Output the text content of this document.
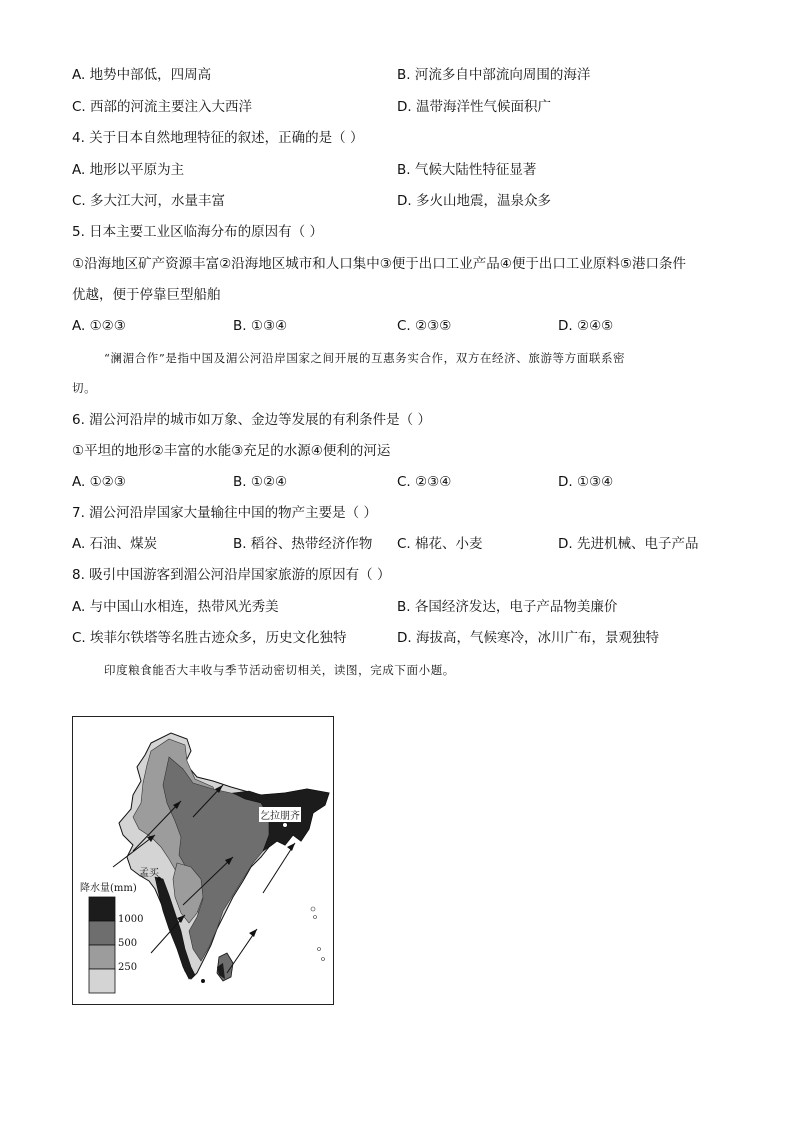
A. 地势中部低，四周高	B. 河流多自中部流向周围的海洋
C. 西部的河流主要注入大西洋	D. 温带海洋性气候面积广
4. 关于日本自然地理特征的叙述，正确的是（ ）
A. 地形以平原为主	B. 气候大陆性特征显著
C. 多大江大河，水量丰富	D. 多火山地震，温泉众多
5. 日本主要工业区临海分布的原因有（ ）
①沿海地区矿产资源丰富②沿海地区城市和人口集中③便于出口工业产品④便于出口工业原料⑤港口条件
优越，便于停靠巨型船舶
A. ①②③	B. ①③④	C. ②③⑤	D. ②④⑤
“澜湄合作”是指中国及湄公河沿岸国家之间开展的互惠务实合作，双方在经济、旅游等方面联系密
切。
6. 湄公河沿岸的城市如万象、金边等发展的有利条件是（ ）
①平坦的地形②丰富的水能③充足的水源④便利的河运
A. ①②③	B. ①②④	C. ②③④	D. ①③④
7. 湄公河沿岸国家大量输往中国的物产主要是（ ）
A. 石油、煤炭	B. 稻谷、热带经济作物 C. 棉花、小麦	D. 先进机械、电子产品
8. 吸引中国游客到湄公河沿岸国家旅游的原因有（ ）
A. 与中国山水相连，热带风光秀美	B. 各国经济发达，电子产品物美廉价
C. 埃菲尔铁塔等名胜古迹众多，历史文化独特	D. 海拔高，气候寒冷，冰川广布，景观独特
印度粮食能否大丰收与季节活动密切相关，读图，完成下面小题。
乞拉朋齐
孟买
降水量(mm)
1000
500
250
